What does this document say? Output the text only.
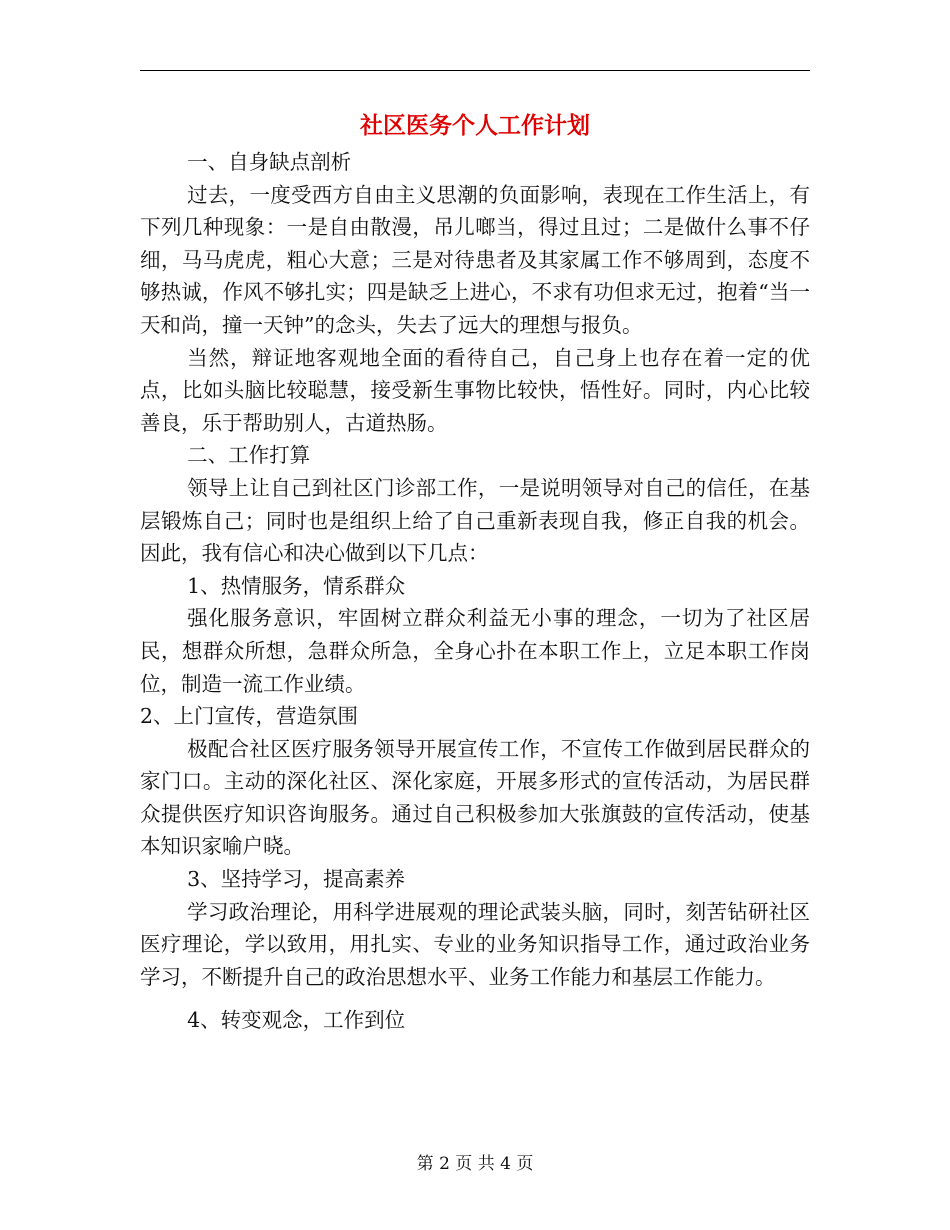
社区医务个人工作计划

一、自身缺点剖析

过去，一度受西方自由主义思潮的负面影响，表现在工作生活上，有下列几种现象：一是自由散漫，吊儿啷当，得过且过；二是做什么事不仔细，马马虎虎，粗心大意；三是对待患者及其家属工作不够周到，态度不够热诚，作风不够扎实；四是缺乏上进心，不求有功但求无过，抱着“当一天和尚，撞一天钟”的念头，失去了远大的理想与报负。

当然，辩证地客观地全面的看待自己，自己身上也存在着一定的优点，比如头脑比较聪慧，接受新生事物比较快，悟性好。同时，内心比较善良，乐于帮助别人，古道热肠。

二、工作打算

领导上让自己到社区门诊部工作，一是说明领导对自己的信任，在基层锻炼自己；同时也是组织上给了自己重新表现自我，修正自我的机会。因此，我有信心和决心做到以下几点：

1、热情服务，情系群众

强化服务意识，牢固树立群众利益无小事的理念，一切为了社区居民，想群众所想，急群众所急，全身心扑在本职工作上，立足本职工作岗位，制造一流工作业绩。

2、上门宣传，营造氛围

极配合社区医疗服务领导开展宣传工作，不宣传工作做到居民群众的家门口。主动的深化社区、深化家庭，开展多形式的宣传活动，为居民群众提供医疗知识咨询服务。通过自己积极参加大张旗鼓的宣传活动，使基本知识家喻户晓。

3、坚持学习，提高素养

学习政治理论，用科学进展观的理论武装头脑，同时，刻苦钻研社区医疗理论，学以致用，用扎实、专业的业务知识指导工作，通过政治业务学习，不断提升自己的政治思想水平、业务工作能力和基层工作能力。

4、转变观念，工作到位

第 2 页 共 4 页
